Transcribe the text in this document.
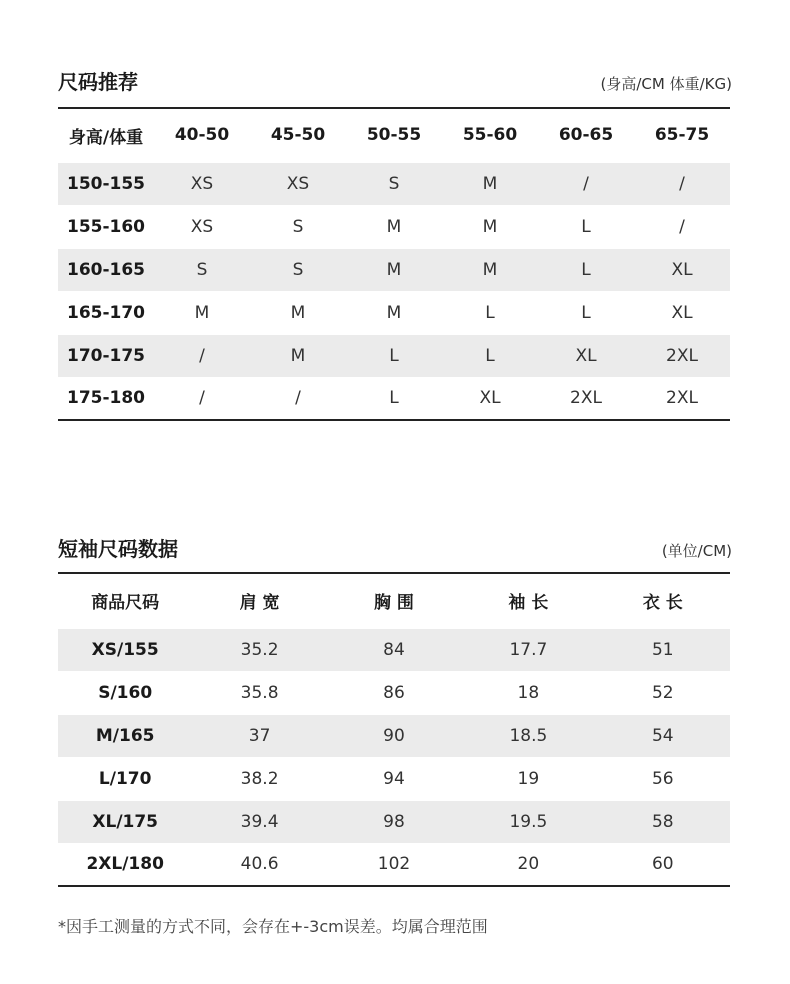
尺码推荐	(身高/CM 体重/KG)
身高/体重	40-50	45-50	50-55	55-60	60-65	65-75
150-155	XS	XS	S	M	/	/
155-160	XS	S	M	M	L	/
160-165	S	S	M	M	L	XL
165-170	M	M	M	L	L	XL
170-175	/	M	L	L	XL	2XL
175-180	/	/	L	XL	2XL	2XL
短袖尺码数据	(单位/CM)
商品尺码	肩 宽	胸 围	袖 长	衣 长
XS/155	35.2	84	17.7	51
S/160	35.8	86	18	52
M/165	37	90	18.5	54
L/170	38.2	94	19	56
XL/175	39.4	98	19.5	58
2XL/180	40.6	102	20	60
*因手工测量的方式不同，会存在+-3cm误差。均属合理范围
